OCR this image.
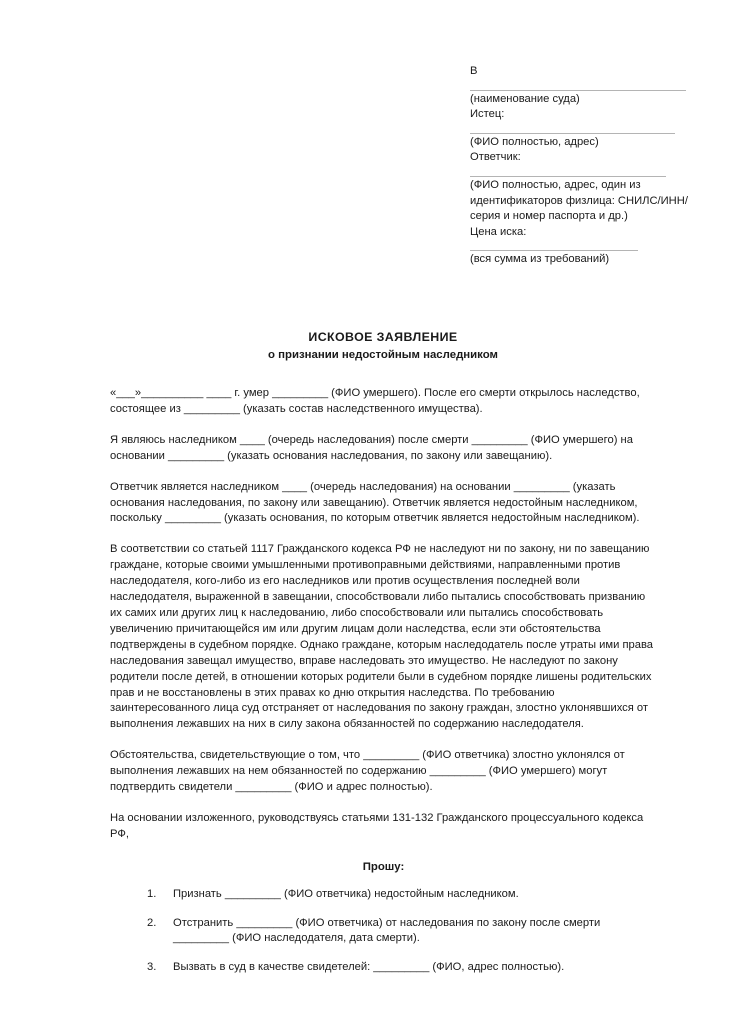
В
(наименование суда)
Истец:
(ФИО полностью, адрес)
Ответчик:
(ФИО полностью, адрес, один из идентификаторов физлица: СНИЛС/ИНН/серия и номер паспорта и др.)
Цена иска:
(вся сумма из требований)
ИСКОВОЕ ЗАЯВЛЕНИЕ
о признании недостойным наследником

«___»__________ ____ г. умер _________ (ФИО умершего). После его смерти открылось наследство, состоящее из _________ (указать состав наследственного имущества).

Я являюсь наследником ____ (очередь наследования) после смерти _________ (ФИО умершего) на основании _________ (указать основания наследования, по закону или завещанию).

Ответчик является наследником ____ (очередь наследования) на основании _________ (указать основания наследования, по закону или завещанию). Ответчик является недостойным наследником, поскольку _________ (указать основания, по которым ответчик является недостойным наследником).

В соответствии со статьей 1117 Гражданского кодекса РФ не наследуют ни по закону, ни по завещанию граждане, которые своими умышленными противоправными действиями, направленными против наследодателя, кого-либо из его наследников или против осуществления последней воли наследодателя, выраженной в завещании, способствовали либо пытались способствовать призванию их самих или других лиц к наследованию, либо способствовали или пытались способствовать увеличению причитающейся им или другим лицам доли наследства, если эти обстоятельства подтверждены в судебном порядке. Однако граждане, которым наследодатель после утраты ими права наследования завещал имущество, вправе наследовать это имущество. Не наследуют по закону родители после детей, в отношении которых родители были в судебном порядке лишены родительских прав и не восстановлены в этих правах ко дню открытия наследства. По требованию заинтересованного лица суд отстраняет от наследования по закону граждан, злостно уклонявшихся от выполнения лежавших на них в силу закона обязанностей по содержанию наследодателя.

Обстоятельства, свидетельствующие о том, что _________ (ФИО ответчика) злостно уклонялся от выполнения лежавших на нем обязанностей по содержанию _________ (ФИО умершего) могут подтвердить свидетели _________ (ФИО и адрес полностью).

На основании изложенного, руководствуясь статьями 131-132 Гражданского процессуального кодекса РФ,

Прошу:

Признать _________ (ФИО ответчика) недостойным наследником.
Отстранить _________ (ФИО ответчика) от наследования по закону после смерти _________ (ФИО наследодателя, дата смерти).
Вызвать в суд в качестве свидетелей: _________ (ФИО, адрес полностью).
